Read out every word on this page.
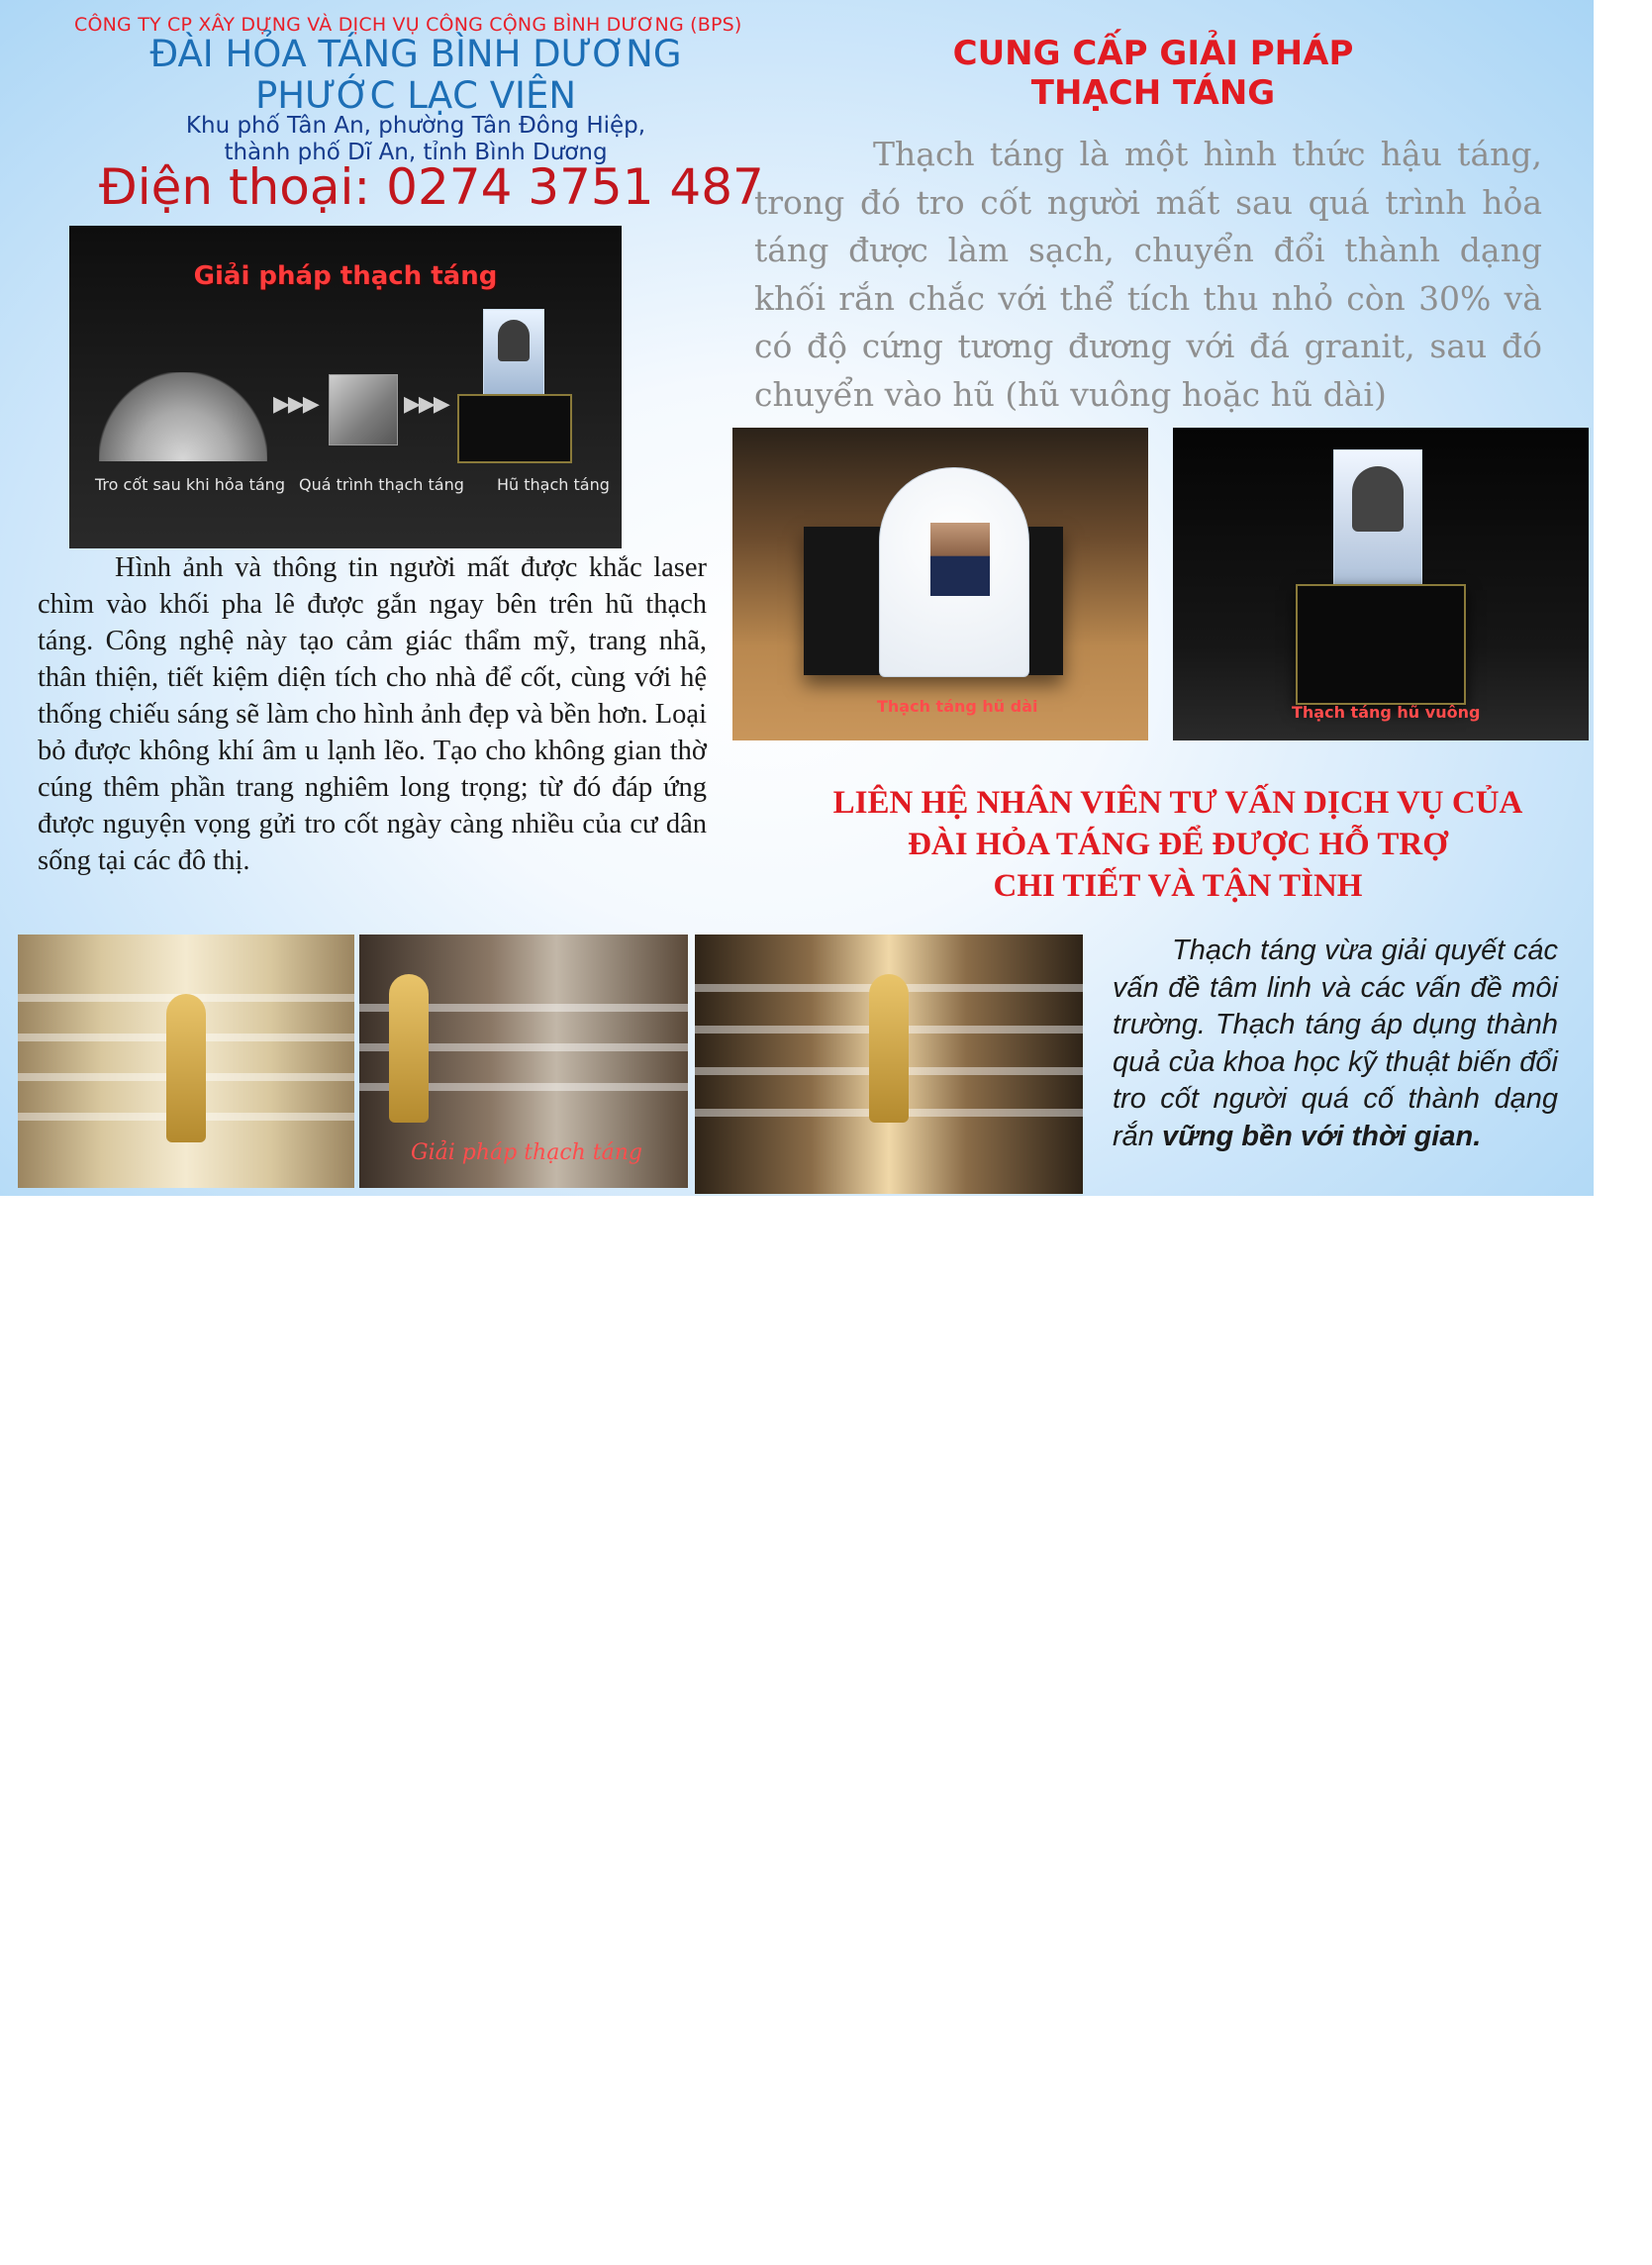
CÔNG TY CP XÂY DỰNG VÀ DỊCH VỤ CÔNG CỘNG BÌNH DƯƠNG (BPS)
ĐÀI HỎA TÁNG BÌNH DƯƠNG
PHƯỚC LẠC VIÊN
Khu phố Tân An, phường Tân Đông Hiệp,
thành phố Dĩ An, tỉnh Bình Dương
Điện thoại: 0274 3751 487
Giải pháp thạch táng
▶▶▶	▶▶▶
Tro cốt sau khi hỏa táng Quá trình thạch táng Hũ thạch táng
CUNG CẤP GIẢI PHÁP
THẠCH TÁNG
Thạch táng là một hình thức hậu táng, trong đó tro cốt người mất sau quá trình hỏa táng được làm sạch, chuyển đổi thành dạng khối rắn chắc với thể tích thu nhỏ còn 30% và có độ cứng tương đương với đá granit, sau đó chuyển vào hũ (hũ vuông hoặc hũ dài)
Thạch táng hũ dài	Thạch táng hũ vuông
Hình ảnh và thông tin người mất được khắc laser chìm vào khối pha lê được gắn ngay bên trên hũ thạch táng. Công nghệ này tạo cảm giác thẩm mỹ, trang nhã, thân thiện, tiết kiệm diện tích cho nhà để cốt, cùng với hệ thống chiếu sáng sẽ làm cho hình ảnh đẹp và bền hơn. Loại bỏ được không khí âm u lạnh lẽo. Tạo cho không gian thờ cúng thêm phần trang nghiêm long trọng; từ đó đáp ứng được nguyện vọng gửi tro cốt ngày càng nhiều của cư dân sống tại các đô thị.
LIÊN HỆ NHÂN VIÊN TƯ VẤN DỊCH VỤ CỦA
ĐÀI HỎA TÁNG ĐỂ ĐƯỢC HỖ TRỢ
CHI TIẾT VÀ TẬN TÌNH
Giải pháp thạch táng
Thạch táng vừa giải quyết các vấn đề tâm linh và các vấn đề môi trường. Thạch táng áp dụng thành quả của khoa học kỹ thuật biến đổi tro cốt người quá cố thành dạng rắn vững bền với thời gian.
